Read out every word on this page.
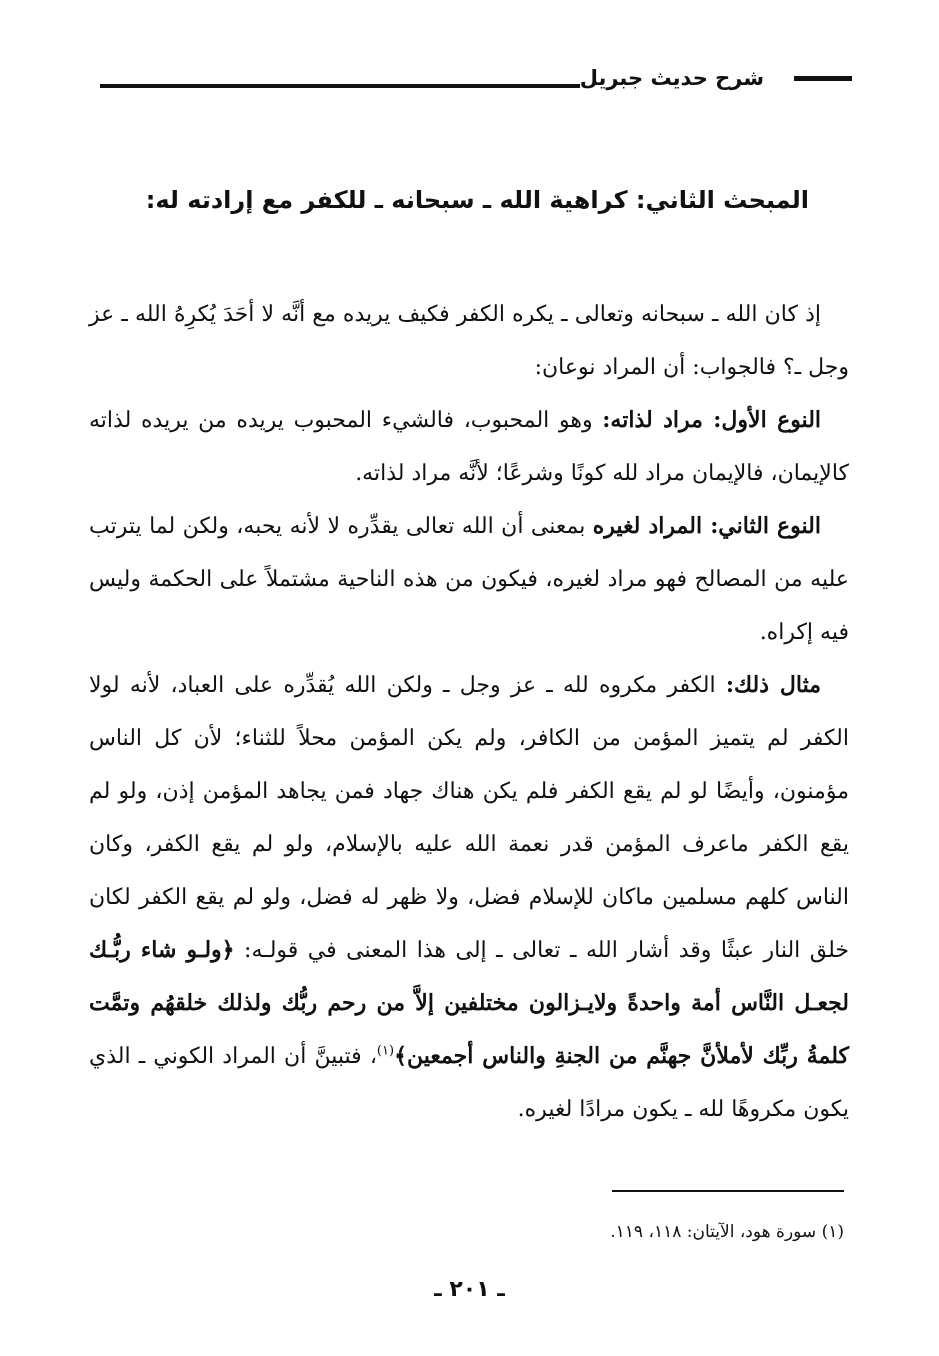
شرح حديث جبريل
المبحث الثاني: كراهية الله ـ سبحانه ـ للكفر مع إرادته له:

إذ كان الله ـ سبحانه وتعالى ـ يكره الكفر فكيف يريده مع أنَّه لا أحَدَ يُكرِهُ الله ـ عز وجل ـ؟ فالجواب: أن المراد نوعان:

النوع الأول: مراد لذاته: وهو المحبوب، فالشيء المحبوب يريده من يريده لذاته كالإيمان، فالإيمان مراد لله كونًا وشرعًا؛ لأنَّه مراد لذاته.

النوع الثاني: المراد لغيره بمعنى أن الله تعالى يقدِّره لا لأنه يحبه، ولكن لما يترتب عليه من المصالح فهو مراد لغيره، فيكون من هذه الناحية مشتملاً على الحكمة وليس فيه إكراه.

مثال ذلك: الكفر مكروه لله ـ عز وجل ـ ولكن الله يُقدِّره على العباد، لأنه لولا الكفر لم يتميز المؤمن من الكافر، ولم يكن المؤمن محلاً للثناء؛ لأن كل الناس مؤمنون، وأيضًا لو لم يقع الكفر فلم يكن هناك جهاد فمن يجاهد المؤمن إذن، ولو لم يقع الكفر ماعرف المؤمن قدر نعمة الله عليه بالإسلام، ولو لم يقع الكفر، وكان الناس كلهم مسلمين ماكان للإسلام فضل، ولا ظهر له فضل، ولو لم يقع الكفر لكان خلق النار عبثًا وقد أشار الله ـ تعالى ـ إلى هذا المعنى في قولـه: ﴿ولـو شاء ربُّـك لجعـل النَّاس أمة واحدةً ولايـزالون مختلفين إلاَّ من رحم ربُّك ولذلك خلقهُم وتمَّت كلمةُ ربِّك لأملأنَّ جهنَّم من الجنةِ والناس أجمعين﴾$^{(١)}$، فتبينَّ أن المراد الكوني ـ الذي يكون مكروهًا لله ـ يكون مرادًا لغيره.

(١) سورة هود، الآيتان: ١١٨، ١١٩.
ـ ٢٠١ ـ
